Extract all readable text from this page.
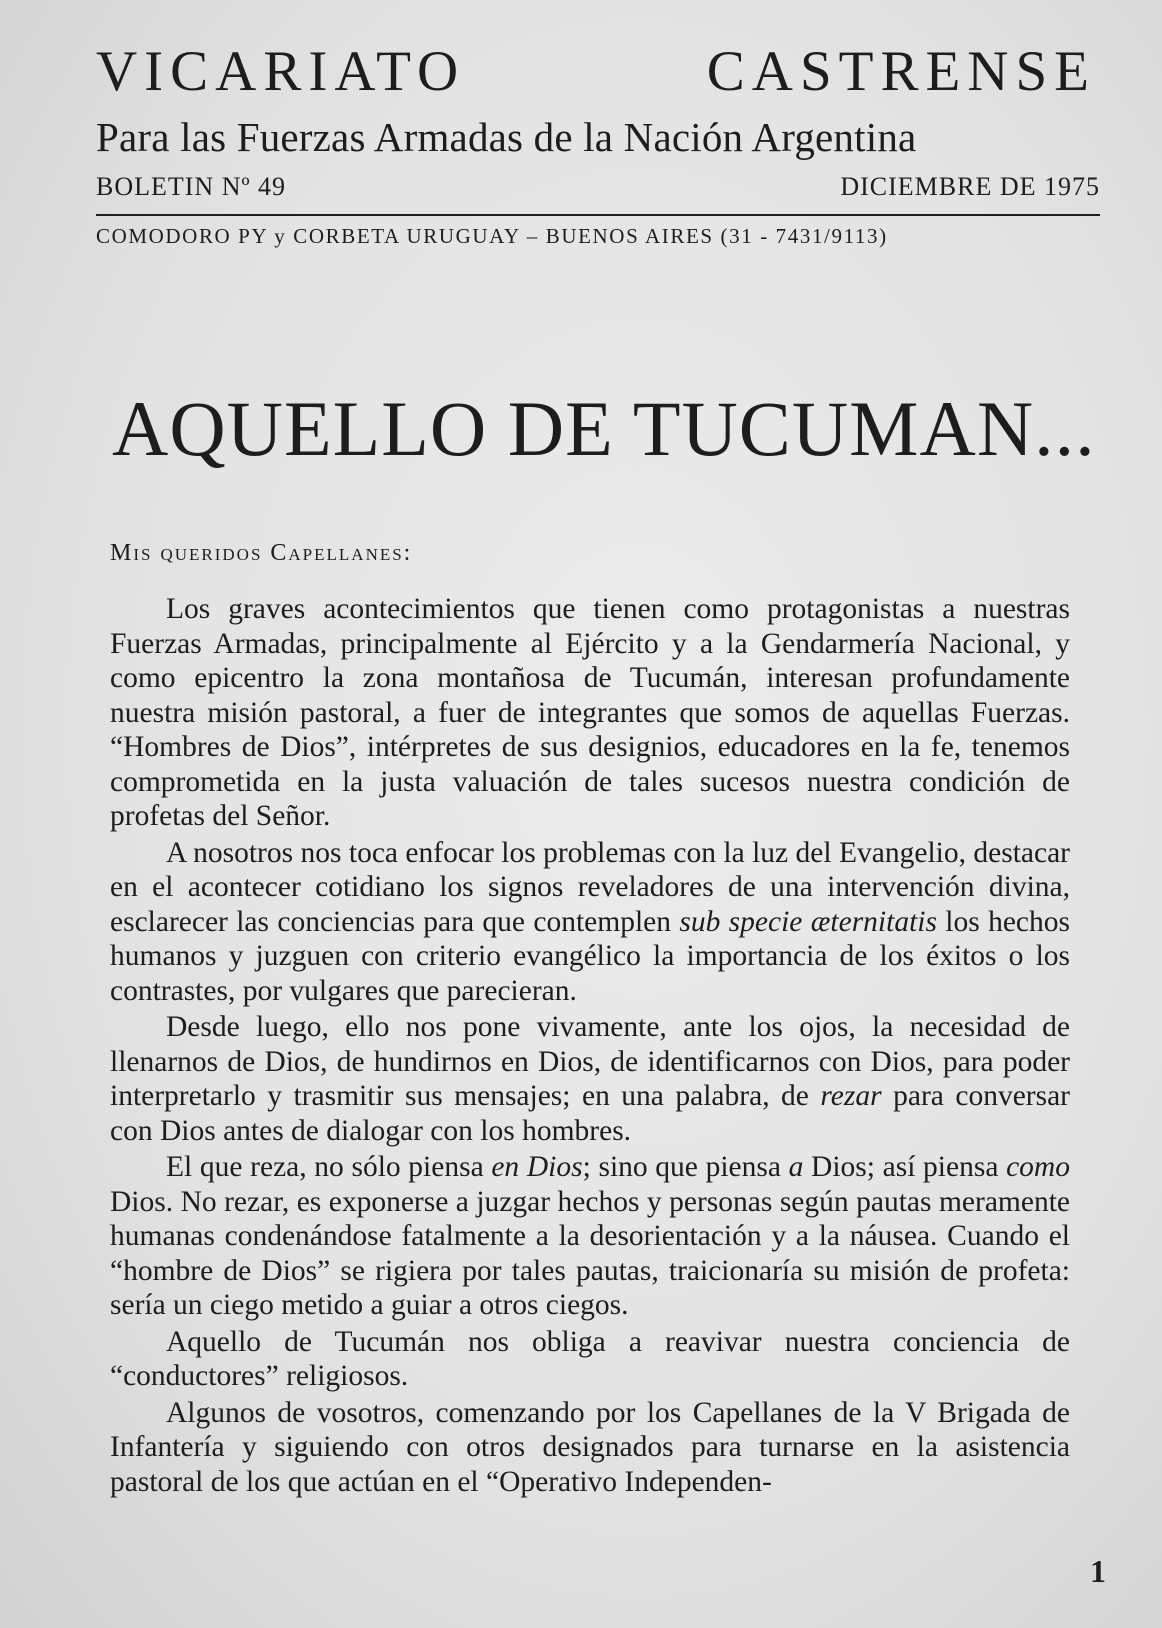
VICARIATO	CASTRENSE
Para las Fuerzas Armadas de la Nación Argentina
BOLETIN Nº 49	DICIEMBRE DE 1975
COMODORO PY y CORBETA URUGUAY – BUENOS AIRES (31 - 7431/9113)
AQUELLO DE TUCUMAN...
Mis queridos Capellanes:

Los graves acontecimientos que tienen como protagonistas a nuestras Fuerzas Armadas, principalmente al Ejército y a la Gendarmería Nacional, y como epicentro la zona montañosa de Tucumán, interesan profundamente nuestra misión pastoral, a fuer de integrantes que somos de aquellas Fuerzas. “Hombres de Dios”, intérpretes de sus designios, educadores en la fe, tenemos comprometida en la justa valuación de tales sucesos nuestra condición de profetas del Señor.

A nosotros nos toca enfocar los problemas con la luz del Evangelio, destacar en el acontecer cotidiano los signos reveladores de una intervención divina, esclarecer las conciencias para que contemplen sub specie æternitatis los hechos humanos y juzguen con criterio evangélico la importancia de los éxitos o los contrastes, por vulgares que parecieran.

Desde luego, ello nos pone vivamente, ante los ojos, la necesidad de llenarnos de Dios, de hundirnos en Dios, de identificarnos con Dios, para poder interpretarlo y trasmitir sus mensajes; en una palabra, de rezar para conversar con Dios antes de dialogar con los hombres.

El que reza, no sólo piensa en Dios; sino que piensa a Dios; así piensa como Dios. No rezar, es exponerse a juzgar hechos y personas según pautas meramente humanas condenándose fatalmente a la desorientación y a la náusea. Cuando el “hombre de Dios” se rigiera por tales pautas, traicionaría su misión de profeta: sería un ciego metido a guiar a otros ciegos.

Aquello de Tucumán nos obliga a reavivar nuestra conciencia de “conductores” religiosos.

Algunos de vosotros, comenzando por los Capellanes de la V Brigada de Infantería y siguiendo con otros designados para turnarse en la asistencia pastoral de los que actúan en el “Operativo Independen-

1
